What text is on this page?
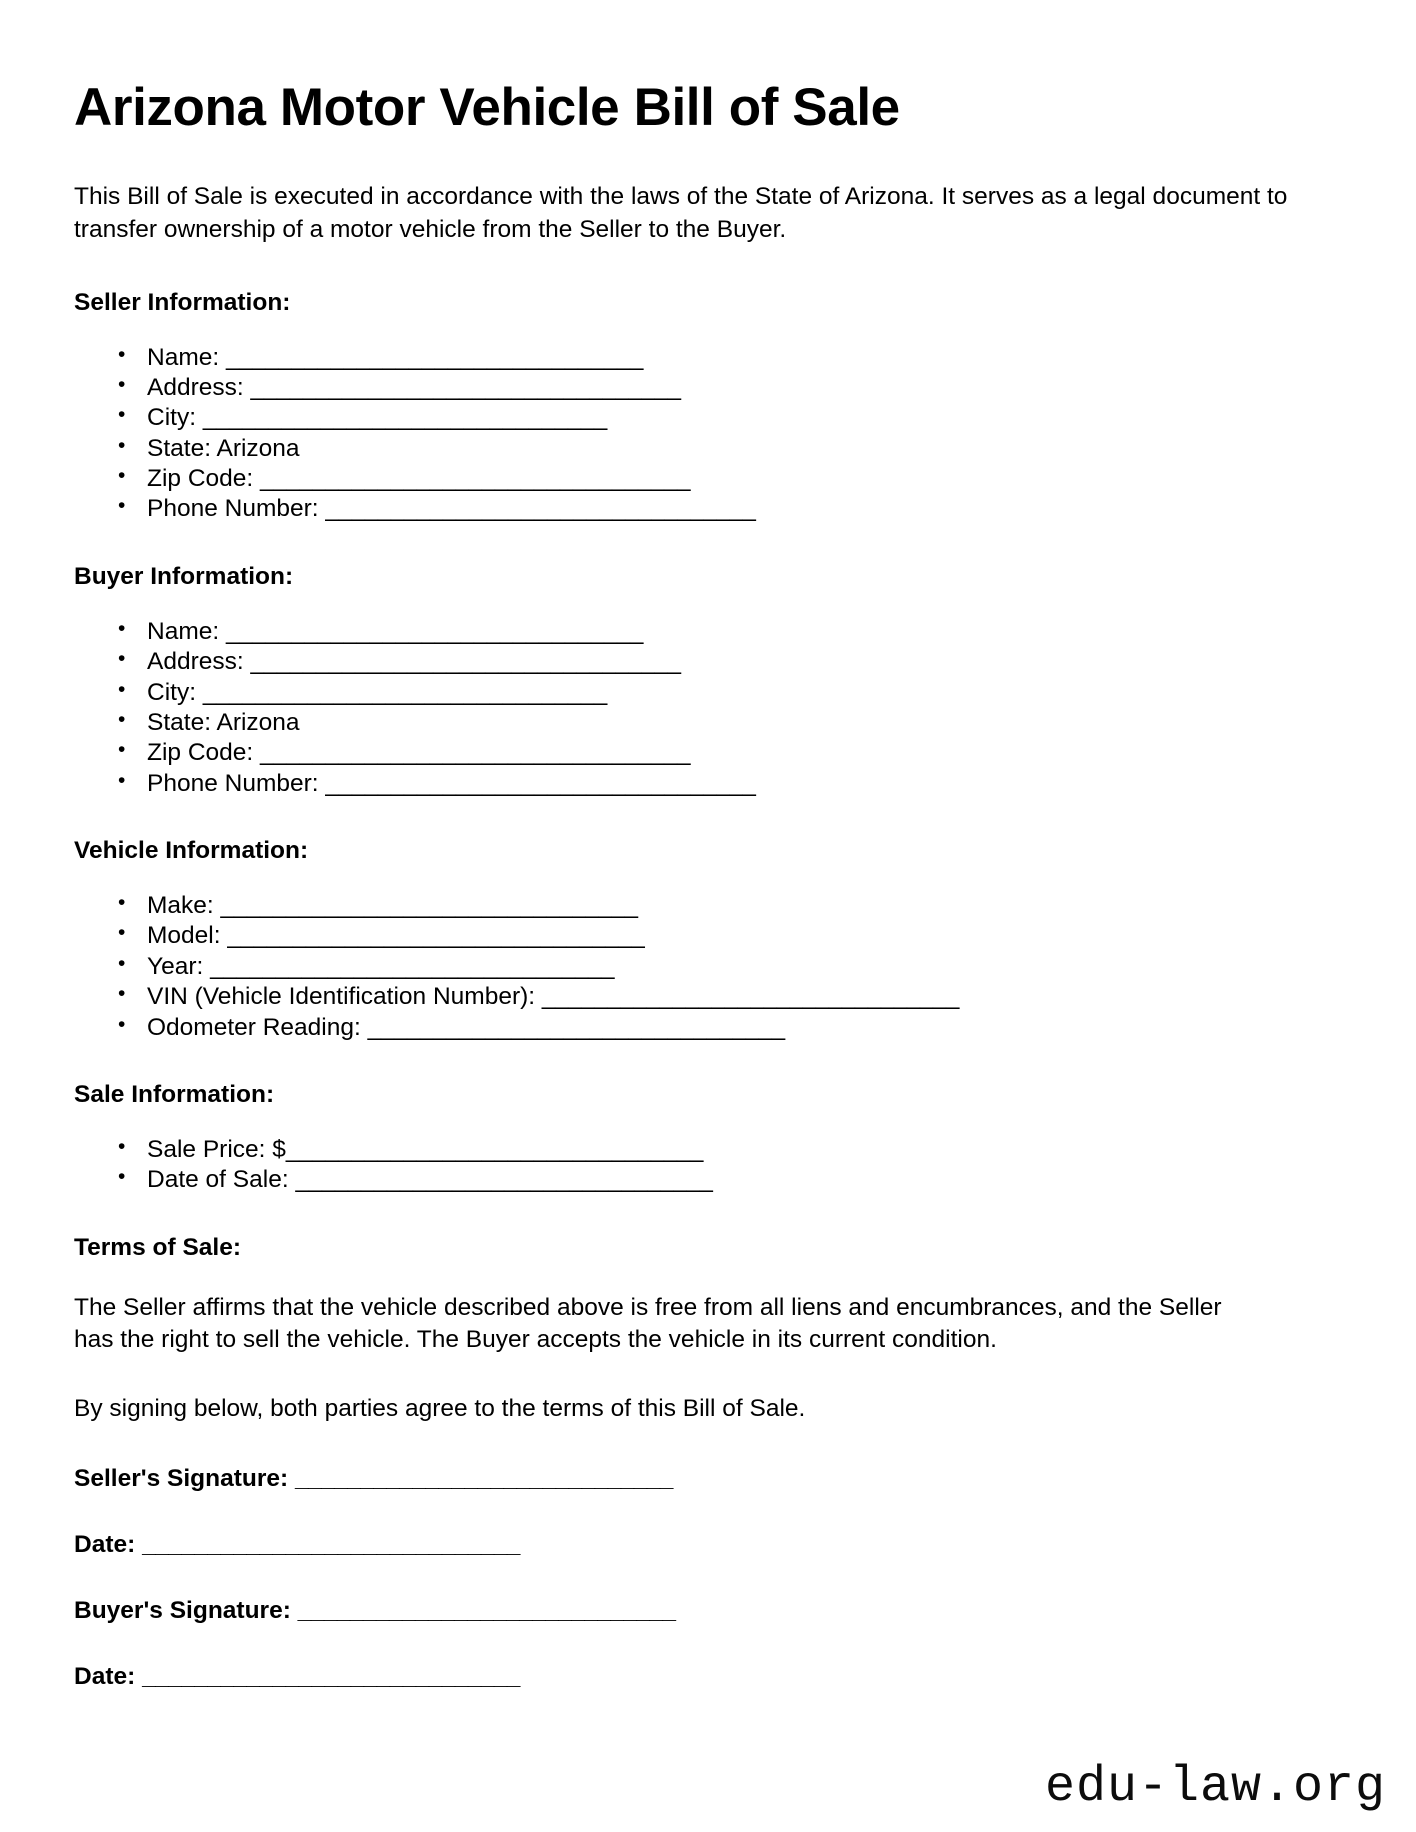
Arizona Motor Vehicle Bill of Sale

This Bill of Sale is executed in accordance with the laws of the State of Arizona. It serves as a legal document to transfer ownership of a motor vehicle from the Seller to the Buyer.

Seller Information:
• Name: ________________________________
• Address: _________________________________
• City: _______________________________
• State: Arizona
• Zip Code: _________________________________
• Phone Number: _________________________________
Buyer Information:
• Name: ________________________________
• Address: _________________________________
• City: _______________________________
• State: Arizona
• Zip Code: _________________________________
• Phone Number: _________________________________
Vehicle Information:
• Make: ________________________________
• Model: ________________________________
• Year: _______________________________
• VIN (Vehicle Identification Number): ________________________________
• Odometer Reading: ________________________________
Sale Information:
• Sale Price: $________________________________
• Date of Sale: ________________________________
Terms of Sale:

The Seller affirms that the vehicle described above is free from all liens and encumbrances, and the Seller has the right to sell the vehicle. The Buyer accepts the vehicle in its current condition.

By signing below, both parties agree to the terms of this Bill of Sale.

Seller's Signature: _____________________________

Date: _____________________________

Buyer's Signature: _____________________________

Date: _____________________________

edu-law.org
